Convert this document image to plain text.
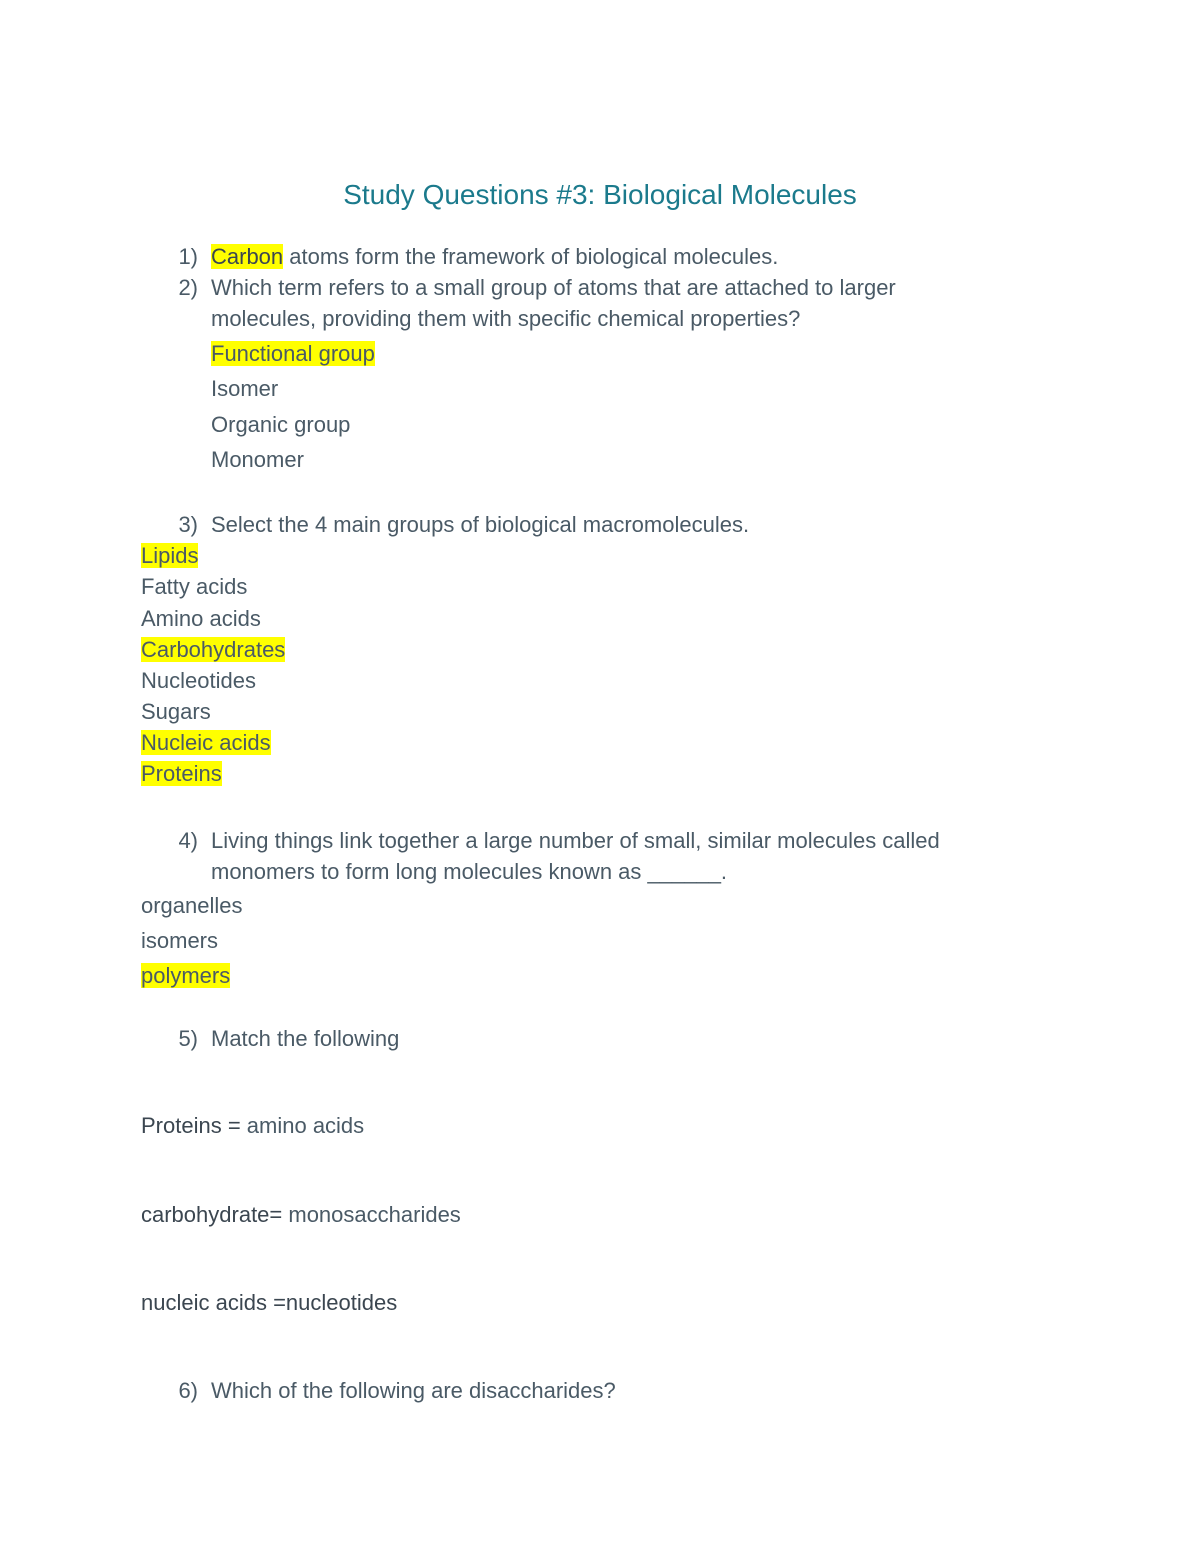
Study Questions #3: Biological Molecules
1) Carbon atoms form the framework of biological molecules.
2) Which term refers to a small group of atoms that are attached to larger
molecules, providing them with specific chemical properties?
Functional group
Isomer
Organic group
Monomer
3) Select the 4 main groups of biological macromolecules.
Lipids
Fatty acids
Amino acids
Carbohydrates
Nucleotides
Sugars
Nucleic acids
Proteins
4) Living things link together a large number of small, similar molecules called
monomers to form long molecules known as ______.
organelles
isomers
polymers
5) Match the following
Proteins = amino acids
carbohydrate= monosaccharides
nucleic acids =nucleotides
6) Which of the following are disaccharides?
